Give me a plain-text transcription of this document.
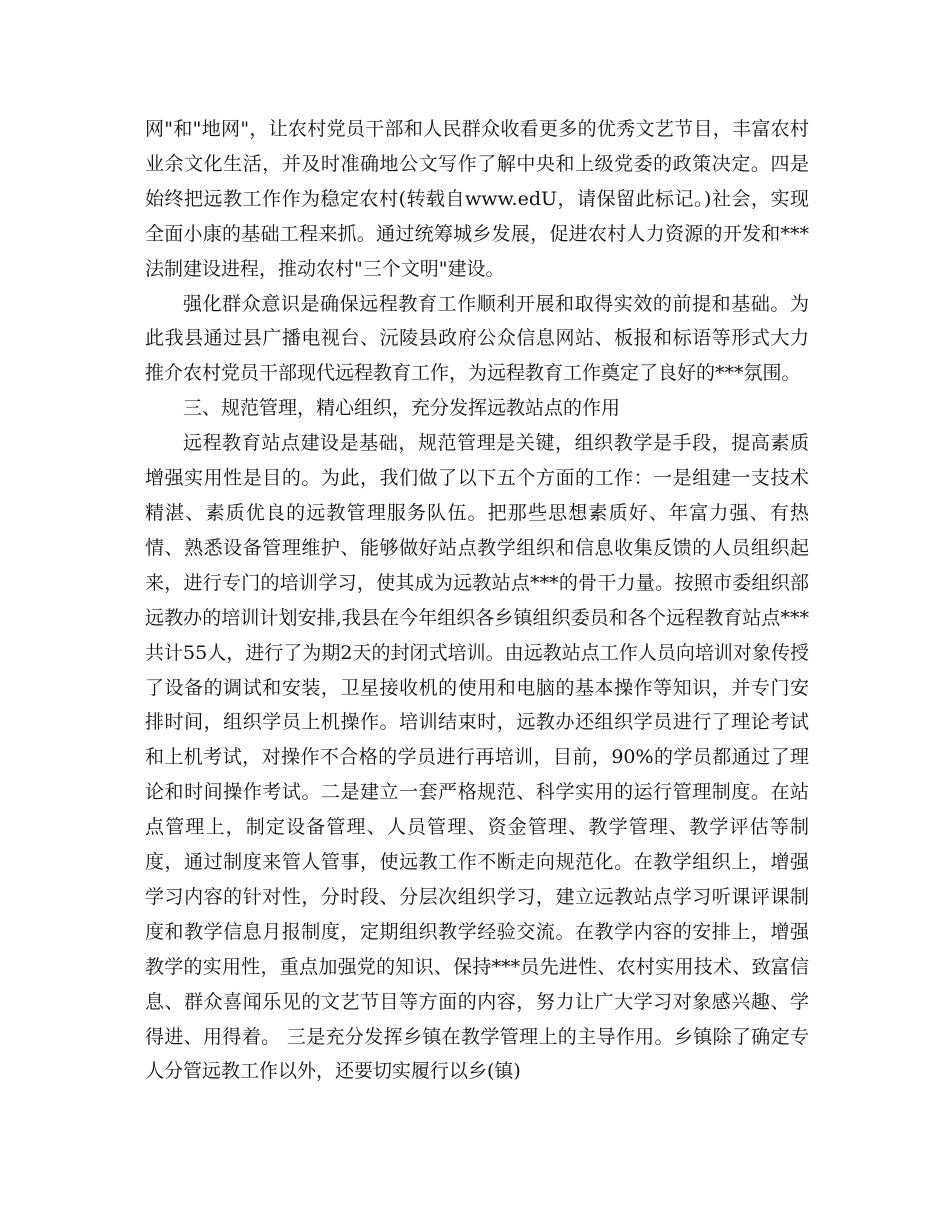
网"和"地网"，让农村党员干部和人民群众收看更多的优秀文艺节目，丰富农村业余文化生活，并及时准确地公文写作了解中央和上级党委的政策决定。四是始终把远教工作作为稳定农村(转载自www.edU，请保留此标记。)社会，实现全面小康的基础工程来抓。通过统筹城乡发展，促进农村人力资源的开发和***法制建设进程，推动农村"三个文明"建设。

强化群众意识是确保远程教育工作顺利开展和取得实效的前提和基础。为此我县通过县广播电视台、沅陵县政府公众信息网站、板报和标语等形式大力推介农村党员干部现代远程教育工作，为远程教育工作奠定了良好的***氛围。

三、规范管理，精心组织，充分发挥远教站点的作用

远程教育站点建设是基础，规范管理是关键，组织教学是手段，提高素质增强实用性是目的。为此，我们做了以下五个方面的工作：一是组建一支技术精湛、素质优良的远教管理服务队伍。把那些思想素质好、年富力强、有热情、熟悉设备管理维护、能够做好站点教学组织和信息收集反馈的人员组织起来，进行专门的培训学习，使其成为远教站点***的骨干力量。按照市委组织部远教办的培训计划安排,我县在今年组织各乡镇组织委员和各个远程教育站点***共计55人，进行了为期2天的封闭式培训。由远教站点工作人员向培训对象传授了设备的调试和安装，卫星接收机的使用和电脑的基本操作等知识，并专门安排时间，组织学员上机操作。培训结束时，远教办还组织学员进行了理论考试和上机考试，对操作不合格的学员进行再培训，目前，90%的学员都通过了理论和时间操作考试。二是建立一套严格规范、科学实用的运行管理制度。在站点管理上，制定设备管理、人员管理、资金管理、教学管理、教学评估等制度，通过制度来管人管事，使远教工作不断走向规范化。在教学组织上，增强学习内容的针对性，分时段、分层次组织学习，建立远教站点学习听课评课制度和教学信息月报制度，定期组织教学经验交流。在教学内容的安排上，增强教学的实用性，重点加强党的知识、保持***员先进性、农村实用技术、致富信息、群众喜闻乐见的文艺节目等方面的内容，努力让广大学习对象感兴趣、学得进、用得着。 三是充分发挥乡镇在教学管理上的主导作用。乡镇除了确定专人分管远教工作以外，还要切实履行以乡(镇)
